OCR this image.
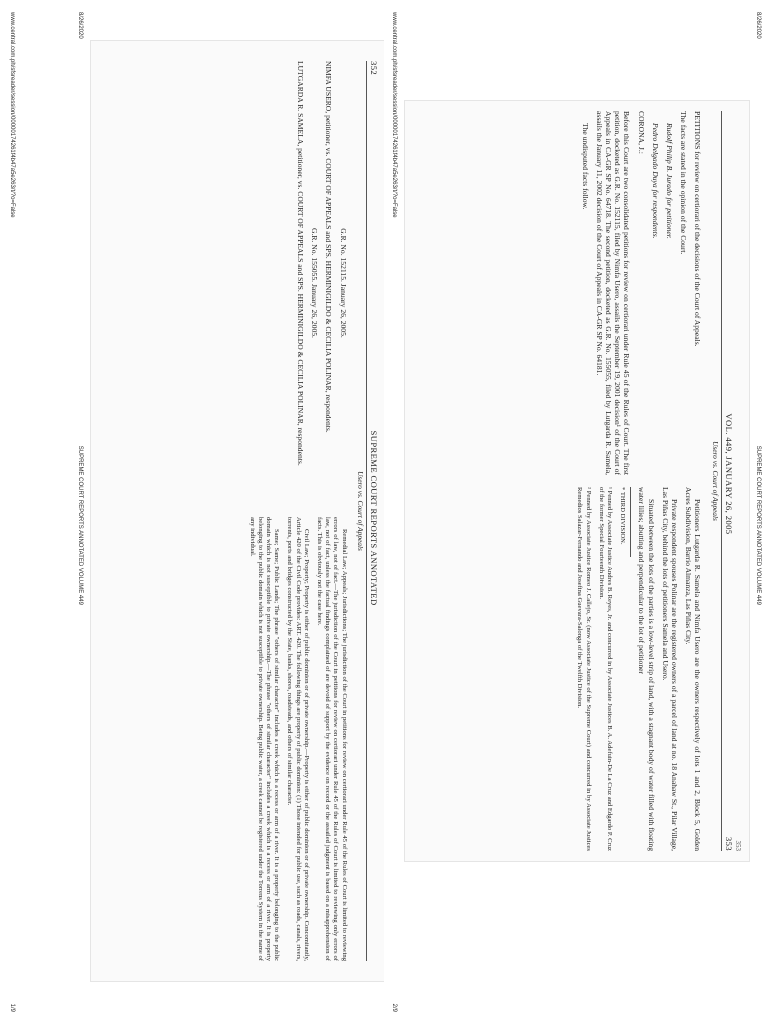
www.central.com.ph/sfsreader/session/00000174261f4b47a5e263/t/?o=False
1/9
8/26/2020
SUPREME COURT REPORTS ANNOTATED VOLUME 449
352
SUPREME COURT REPORTS ANNOTATED
Usero vs. Court of Appeals

G.R. No. 152115. January 26, 2005.

NIMFA USERO, petitioner, vs. COURT OF APPEALS and SPS. HERMINIGILDO & CECILIA POLINAR, respondents.

G.R. No. 155055. January 26, 2005.

LUTGARDA R. SAMELA, petitioner, vs. COURT OF APPEALS and SPS. HERMINIGILDO & CECILIA POLINAR, respondents.

Remedial Law; Appeals; Jurisdictions; The jurisdiction of the Court in petitions for review on certiorari under Rule 45 of the Rules of Court is limited to reviewing errors of law, not of fact.—The jurisdiction of the Court in petitions for review on certiorari under Rule 45 of the Rules of Court is limited to reviewing only errors of law, not of fact, unless the factual findings complained of are devoid of support by the evidence on record or the assailed judgment is based on a misapprehension of facts. This is obviously not the case here.

Civil Law; Property; Property is either of public dominion or of private ownership.—Property is either of public dominion or of private ownership. Concomitantly, Article 420 of the Civil Code provides: ART. 420. The following things are property of public dominion: (1) Those intended for public use, such as roads, canals, rivers, torrents, ports and bridges constructed by the State, banks, shores, roadsteads, and others of similar character.

Same; Same; Public Lands; The phrase "others of similar character" includes a creek which is a recess or arm of a river. It is a property belonging to the public domain which is not susceptible to private ownership.—The phrase "others of similar character" includes a creek which is a recess or arm of a river. It is property belonging to the public domain which is not susceptible to private ownership. Being public water, a creek cannot be registered under the Torrens System in the name of any individual.

www.central.com.ph/sfsreader/session/00000174261f4b47a5e263/t/?o=False
2/9
8/26/2020
SUPREME COURT REPORTS ANNOTATED VOLUME 449
353
VOL. 449, JANUARY 26, 2005
353
Usero vs. Court of Appeals

PETITIONS for review on certiorari of the decisions of the Court of Appeals.

The facts are stated in the opinion of the Court.

Rudolf Philip B. Jurado for petitioner.

Pedro Delgado Duya for respondents.

CORONA, J.:

Before this Court are two consolidated petitions for review on certiorari under Rule 45 of the Rules of Court. The first petition, docketed as G.R. No. 152115, filed by Nimfa Usero, assails the September 19, 2001 decision¹ of the Court of Appeals in CA-GR SP No. 64718. The second petition, docketed as G.R. No. 155055, filed by Lutgarda R. Samela, assails the January 11, 2002 decision of the Court of Appeals in CA-GR SP No. 64181.

The undisputed facts follow.

Petitioners Lutgarda R. Samela and Nimfa Usero are the owners respectively of lots 1 and 2, Block 5, Golden Acres Subdivision, Barrio Almanza, Las Piñas City.

Private respondent spouses Polinar are the registered owners of a parcel of land at no. 18 Anahaw St., Pilar Village, Las Piñas City, behind the lots of petitioners Samela and Usero.

Situated between the lots of the parties is a low-level strip of land, with a stagnant body of water filled with floating water lilies; abutting and perpendicular to the lot of petitioner

* THIRD DIVISION.

¹ Penned by Associate Justice Andres B. Reyes, Jr. and concurred in by Associate Justices B. A. Adefuin-De La Cruz and Edgardo P. Cruz of the former Special Fourteenth Division.

² Penned by Associate Justice Romeo J. Callejo, Sr. (now Associate Justice of the Supreme Court) and concurred in by Associate Justices Remedios Salazar-Fernando and Josefina Guevara-Salonga of the Twelfth Division.
